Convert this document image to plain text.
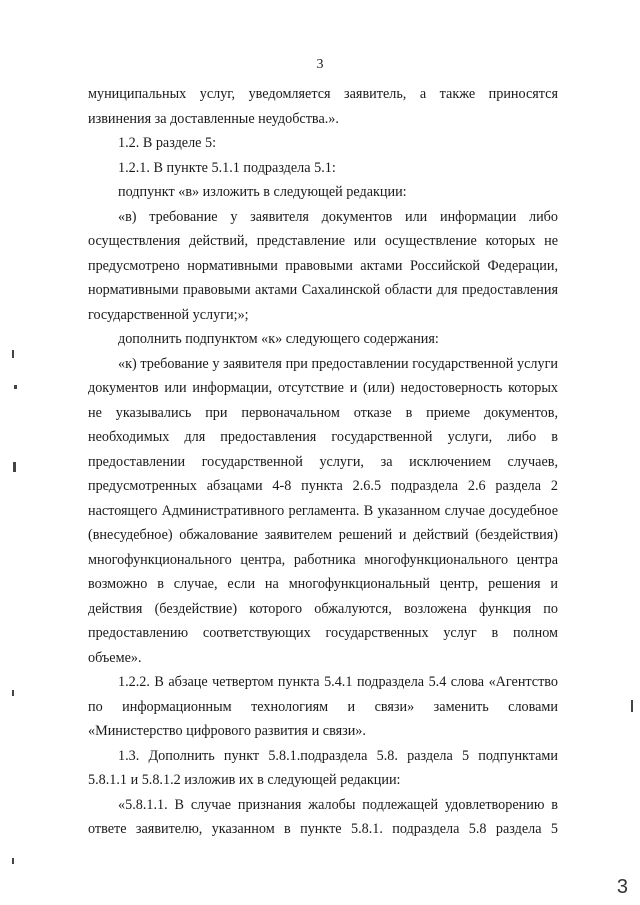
3

муниципальных услуг, уведомляется заявитель, а также приносятся извинения за доставленные неудобства.».

1.2. В разделе 5:

1.2.1. В пункте 5.1.1 подраздела 5.1:

подпункт «в» изложить в следующей редакции:

«в) требование у заявителя документов или информации либо осуществления действий, представление или осуществление которых не предусмотрено нормативными правовыми актами Российской Федерации, нормативными правовыми актами Сахалинской области для предоставления государственной услуги;»;

дополнить подпунктом «к» следующего содержания:

«к) требование у заявителя при предоставлении государственной услуги документов или информации, отсутствие и (или) недостоверность которых не указывались при первоначальном отказе в приеме документов, необходимых для предоставления государственной услуги, либо в предоставлении государственной услуги, за исключением случаев, предусмотренных абзацами 4-8 пункта 2.6.5 подраздела 2.6 раздела 2 настоящего Административного регламента. В указанном случае досудебное (внесудебное) обжалование заявителем решений и действий (бездействия) многофункционального центра, работника многофункционального центра возможно в случае, если на многофункциональный центр, решения и действия (бездействие) которого обжалуются, возложена функция по предоставлению соответствующих государственных услуг в полном объеме».

1.2.2. В абзаце четвертом пункта 5.4.1 подраздела 5.4 слова «Агентство по информационным технологиям и связи» заменить словами «Министерство цифрового развития и связи».

1.3. Дополнить пункт 5.8.1.подраздела 5.8. раздела 5 подпунктами 5.8.1.1 и 5.8.1.2 изложив их в следующей редакции:

«5.8.1.1. В случае признания жалобы подлежащей удовлетворению в ответе заявителю, указанном в пункте 5.8.1. подраздела 5.8 раздела 5

3
